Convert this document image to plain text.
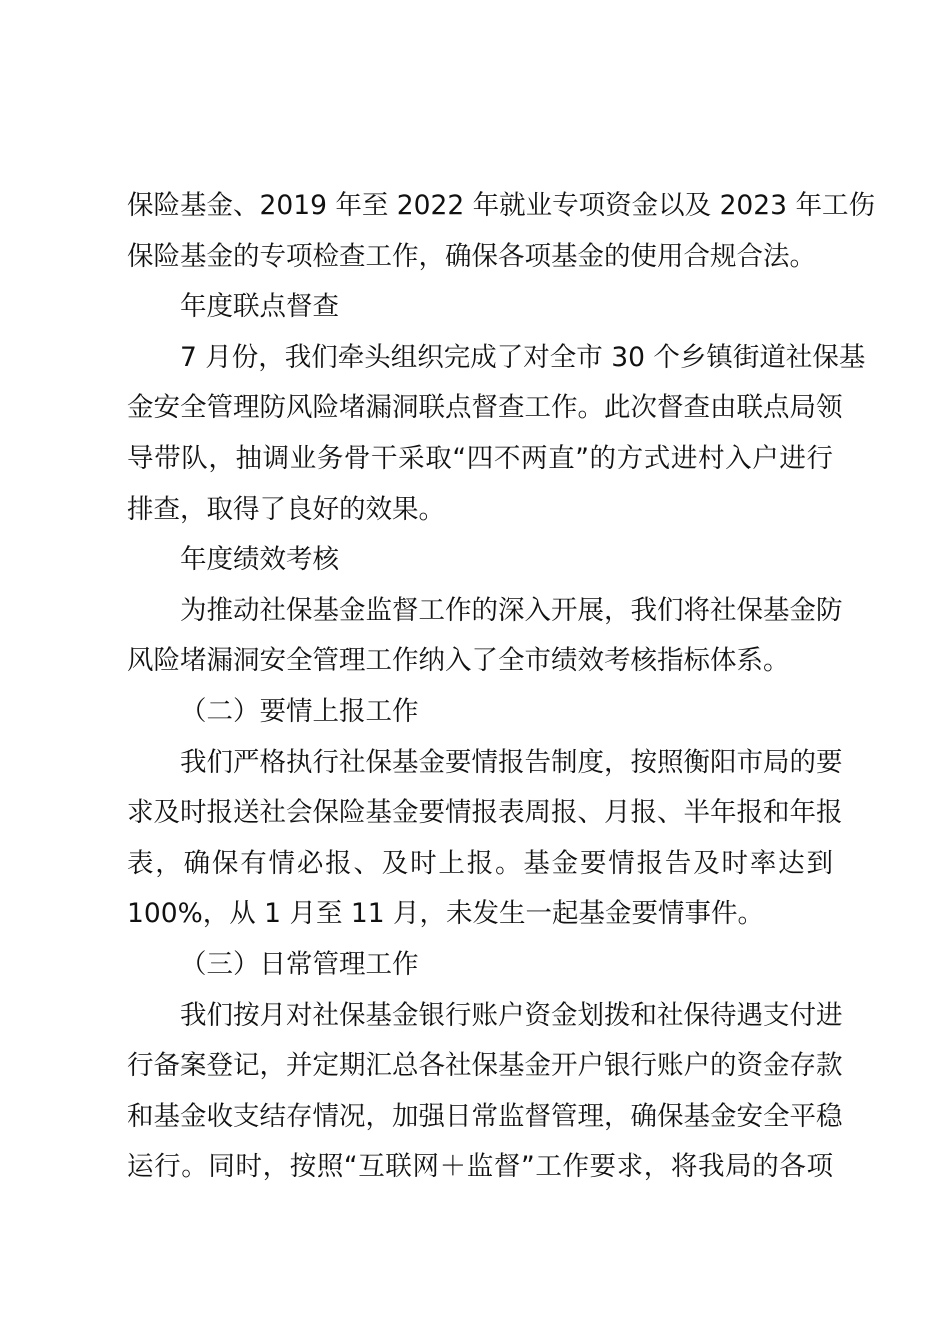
保险基金、2019 年至 2022 年就业专项资金以及 2023 年工伤
保险基金的专项检查工作，确保各项基金的使用合规合法。
年度联点督查
7 月份，我们牵头组织完成了对全市 30 个乡镇街道社保基
金安全管理防风险堵漏洞联点督查工作。此次督查由联点局领
导带队，抽调业务骨干采取“四不两直”的方式进村入户进行
排查，取得了良好的效果。
年度绩效考核
为推动社保基金监督工作的深入开展，我们将社保基金防
风险堵漏洞安全管理工作纳入了全市绩效考核指标体系。
（二）要情上报工作
我们严格执行社保基金要情报告制度，按照衡阳市局的要
求及时报送社会保险基金要情报表周报、月报、半年报和年报
表，确保有情必报、及时上报。基金要情报告及时率达到
100%，从 1 月至 11 月，未发生一起基金要情事件。
（三）日常管理工作
我们按月对社保基金银行账户资金划拨和社保待遇支付进
行备案登记，并定期汇总各社保基金开户银行账户的资金存款
和基金收支结存情况，加强日常监督管理，确保基金安全平稳
运行。同时，按照“互联网＋监督”工作要求，将我局的各项
